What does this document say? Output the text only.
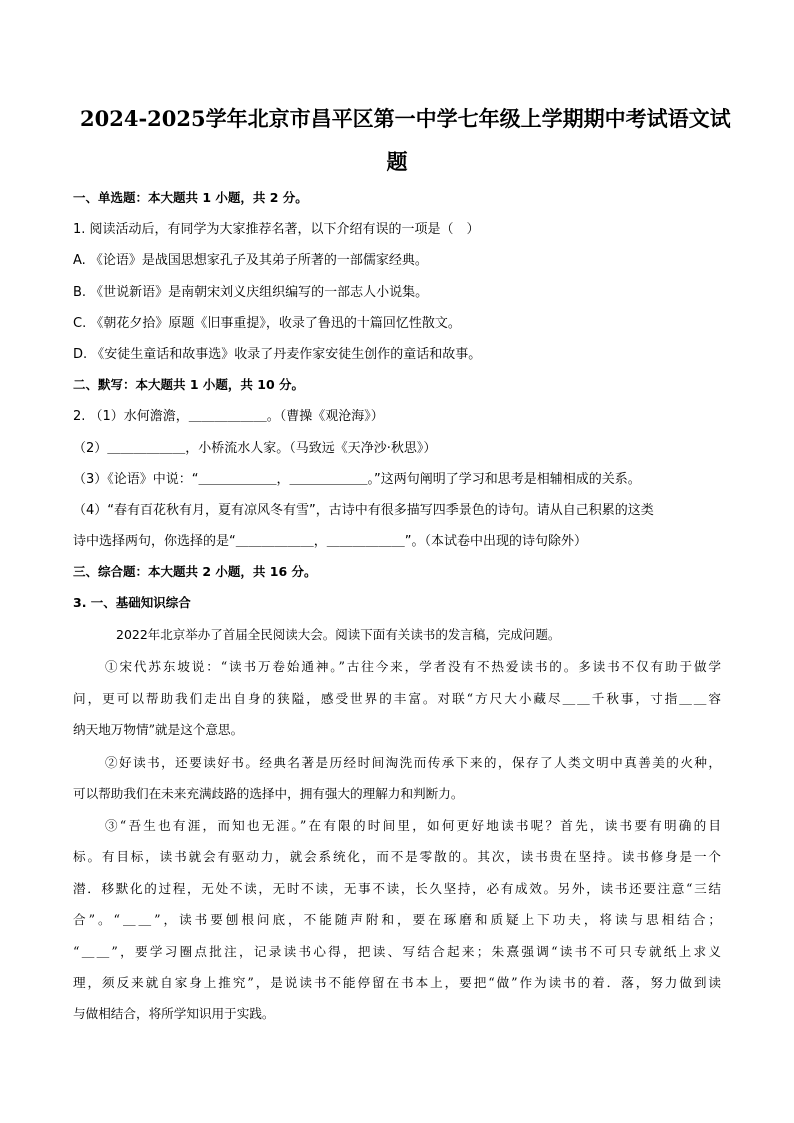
2024-2025学年北京市昌平区第一中学七年级上学期期中考试语文试
题
一、单选题：本大题共 1 小题，共 2 分。
1. 阅读活动后，有同学为大家推荐名著，以下介绍有误的一项是（　）
A. 《论语》是战国思想家孔子及其弟子所著的一部儒家经典。
B. 《世说新语》是南朝宋刘义庆组织编写的一部志人小说集。
C. 《朝花夕拾》原题《旧事重提》，收录了鲁迅的十篇回忆性散文。
D. 《安徒生童话和故事选》收录了丹麦作家安徒生创作的童话和故事。
二、默写：本大题共 1 小题，共 10 分。
2. （1）水何澹澹，＿＿＿＿＿＿。（曹操《观沧海》）
（2）＿＿＿＿＿＿，小桥流水人家。（马致远《天净沙·秋思》）
（3）《论语》中说：“＿＿＿＿＿＿，＿＿＿＿＿＿。”这两句阐明了学习和思考是相辅相成的关系。
（4）“春有百花秋有月，夏有凉风冬有雪”，古诗中有很多描写四季景色的诗句。请从自己积累的这类
诗中选择两句，你选择的是“＿＿＿＿＿＿，＿＿＿＿＿＿”。（本试卷中出现的诗句除外）
三、综合题：本大题共 2 小题，共 16 分。
3. 一、基础知识综合
2022年北京举办了首届全民阅读大会。阅读下面有关读书的发言稿，完成问题。
①宋代苏东坡说：“读书万卷始通神。”古往今来，学者没有不热爱读书的。多读书不仅有助于做学
问，更可以帮助我们走出自身的狭隘，感受世界的丰富。对联“方尺大小藏尽＿＿千秋事，寸指＿＿容
纳天地万物情”就是这个意思。
②好读书，还要读好书。经典名著是历经时间淘洗而传承下来的，保存了人类文明中真善美的火种，
可以帮助我们在未来充满歧路的选择中，拥有强大的理解力和判断力。
③“吾生也有涯，而知也无涯。”在有限的时间里，如何更好地读书呢？首先，读书要有明确的目
标。有目标，读书就会有驱动力，就会系统化，而不是零散的。其次，读书贵在坚持。读书修身是一个
潜．移默化的过程，无处不读，无时不读，无事不读，长久坚持，必有成效。另外，读书还要注意“三结
合”。“＿＿”，读书要刨根问底，不能随声附和，要在琢磨和质疑上下功夫，将读与思相结合；
“＿＿”，要学习圈点批注，记录读书心得，把读、写结合起来；朱熹强调“读书不可只专就纸上求义
理，须反来就自家身上推究”，是说读书不能停留在书本上，要把“做”作为读书的着．落，努力做到读
与做相结合，将所学知识用于实践。
